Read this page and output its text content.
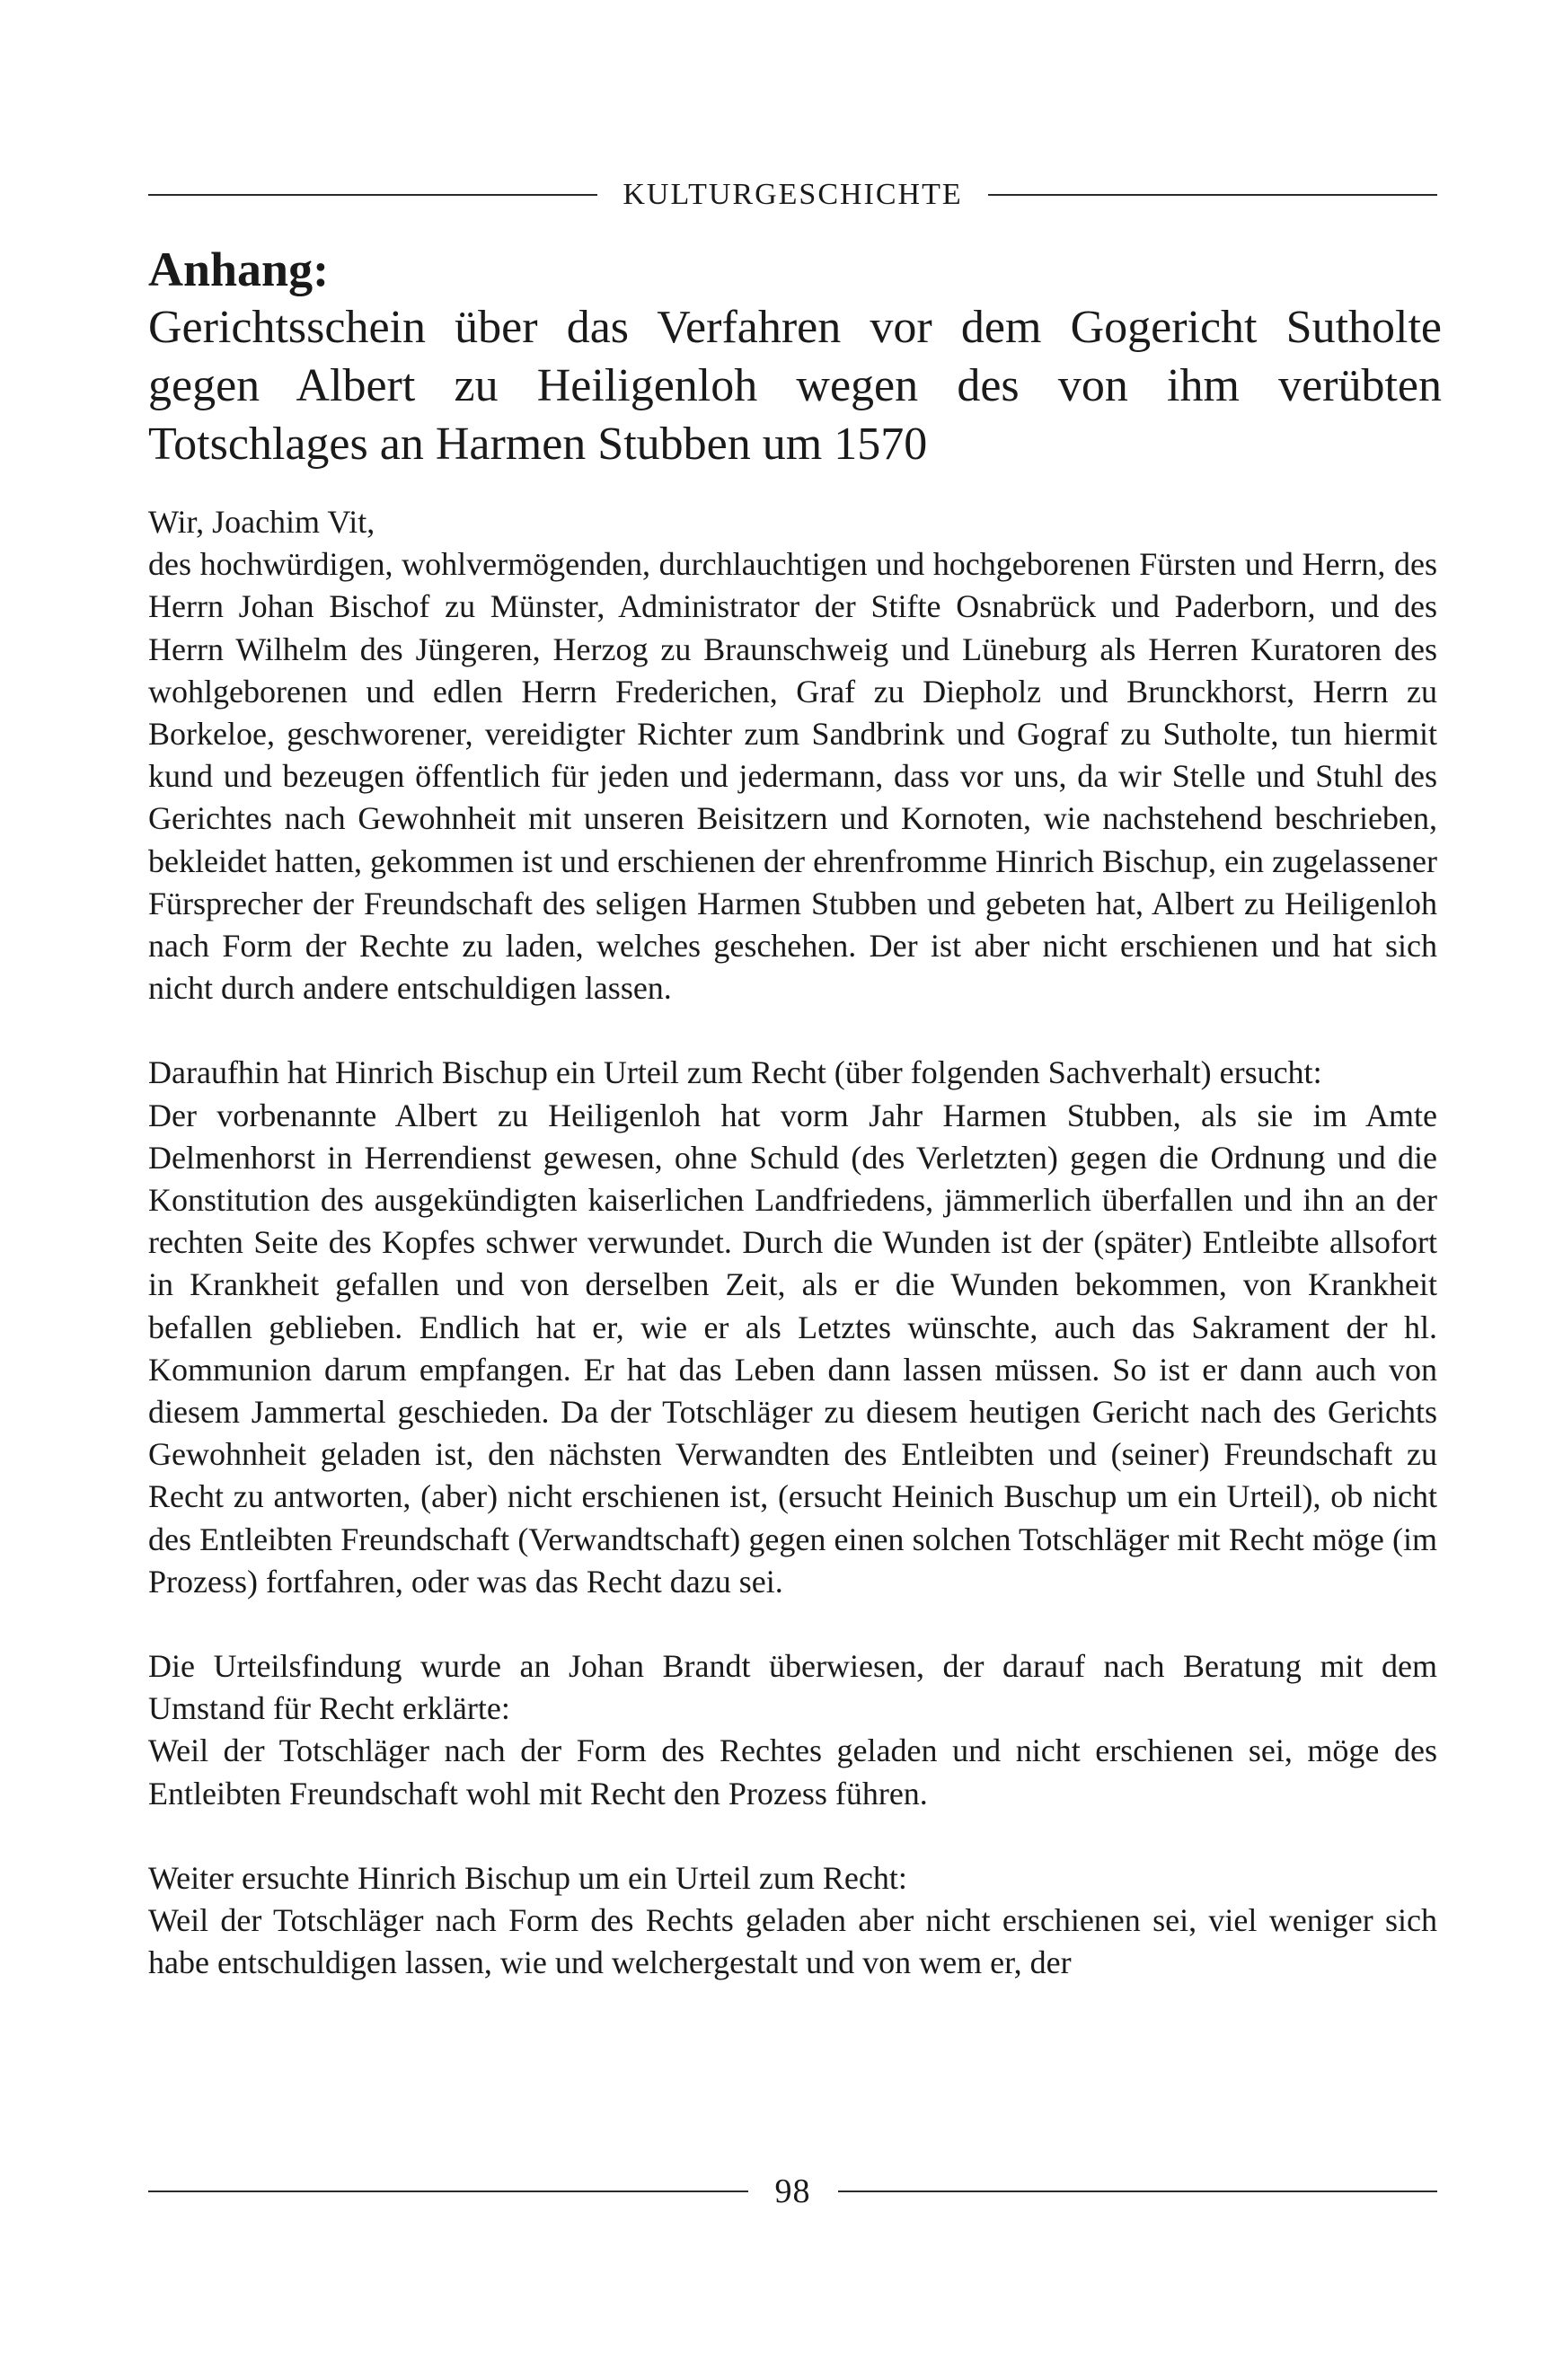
KULTURGESCHICHTE
Anhang:

Gerichtsschein über das Verfahren vor dem Gogericht Sutholte gegen Albert zu Heiligenloh wegen des von ihm verübten Totschlages an Harmen Stubben um 1570

Wir, Joachim Vit,

des hochwürdigen, wohlvermögenden, durchlauchtigen und hochgeborenen Fürsten und Herrn, des Herrn Johan Bischof zu Münster, Administrator der Stifte Osnabrück und Paderborn, und des Herrn Wilhelm des Jüngeren, Herzog zu Braunschweig und Lüneburg als Herren Kuratoren des wohlgeborenen und edlen Herrn Frederichen, Graf zu Diepholz und Brunckhorst, Herrn zu Borkeloe, geschworener, vereidigter Richter zum Sandbrink und Gograf zu Sutholte, tun hiermit kund und bezeugen öffentlich für jeden und jedermann, dass vor uns, da wir Stelle und Stuhl des Gerichtes nach Gewohnheit mit unseren Beisitzern und Kornoten, wie nachstehend beschrieben, bekleidet hatten, gekommen ist und erschienen der ehrenfromme Hinrich Bischup, ein zugelassener Fürsprecher der Freundschaft des seligen Harmen Stubben und gebeten hat, Albert zu Heiligenloh nach Form der Rechte zu laden, welches geschehen. Der ist aber nicht erschienen und hat sich nicht durch andere entschuldigen lassen.

Daraufhin hat Hinrich Bischup ein Urteil zum Recht (über folgenden Sachverhalt) ersucht:

Der vorbenannte Albert zu Heiligenloh hat vorm Jahr Harmen Stubben, als sie im Amte Delmenhorst in Herrendienst gewesen, ohne Schuld (des Verletzten) gegen die Ordnung und die Konstitution des ausgekündigten kaiserlichen Landfriedens, jämmerlich überfallen und ihn an der rechten Seite des Kopfes schwer verwundet. Durch die Wunden ist der (später) Entleibte allsofort in Krankheit gefallen und von derselben Zeit, als er die Wunden bekommen, von Krankheit befallen geblieben. Endlich hat er, wie er als Letztes wünschte, auch das Sakrament der hl. Kommunion darum empfangen. Er hat das Leben dann lassen müssen. So ist er dann auch von diesem Jammertal geschieden. Da der Totschläger zu diesem heutigen Gericht nach des Gerichts Gewohnheit geladen ist, den nächsten Verwandten des Entleibten und (seiner) Freundschaft zu Recht zu antworten, (aber) nicht erschienen ist, (ersucht Heinich Buschup um ein Urteil), ob nicht des Entleibten Freundschaft (Verwandtschaft) gegen einen solchen Totschläger mit Recht möge (im Prozess) fortfahren, oder was das Recht dazu sei.

Die Urteilsfindung wurde an Johan Brandt überwiesen, der darauf nach Beratung mit dem Umstand für Recht erklärte:

Weil der Totschläger nach der Form des Rechtes geladen und nicht erschienen sei, möge des Entleibten Freundschaft wohl mit Recht den Prozess führen.

Weiter ersuchte Hinrich Bischup um ein Urteil zum Recht:

Weil der Totschläger nach Form des Rechts geladen aber nicht erschienen sei, viel weniger sich habe entschuldigen lassen, wie und welchergestalt und von wem er, der

98
